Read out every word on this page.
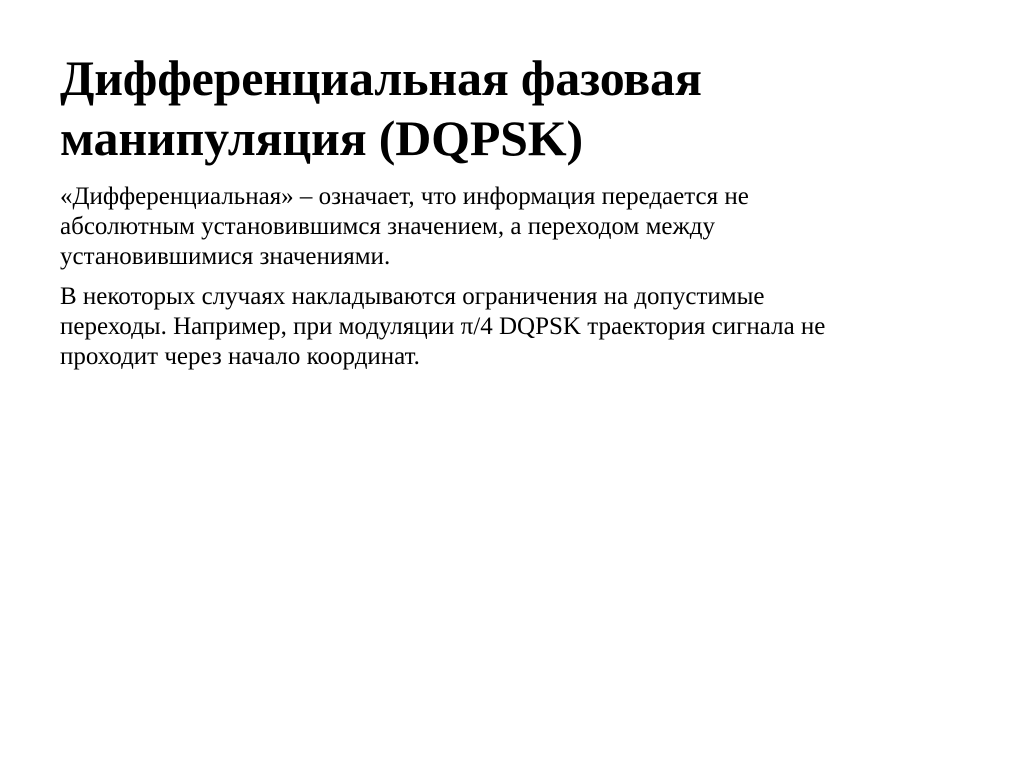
Дифференциальная фазовая
манипуляция (DQPSK)

«Дифференциальная» – означает, что информация передается не
абсолютным установившимся значением, а переходом между
установившимися значениями.

В некоторых случаях накладываются ограничения на допустимые
переходы. Например, при модуляции π/4 DQPSK траектория сигнала не
проходит через начало координат.
